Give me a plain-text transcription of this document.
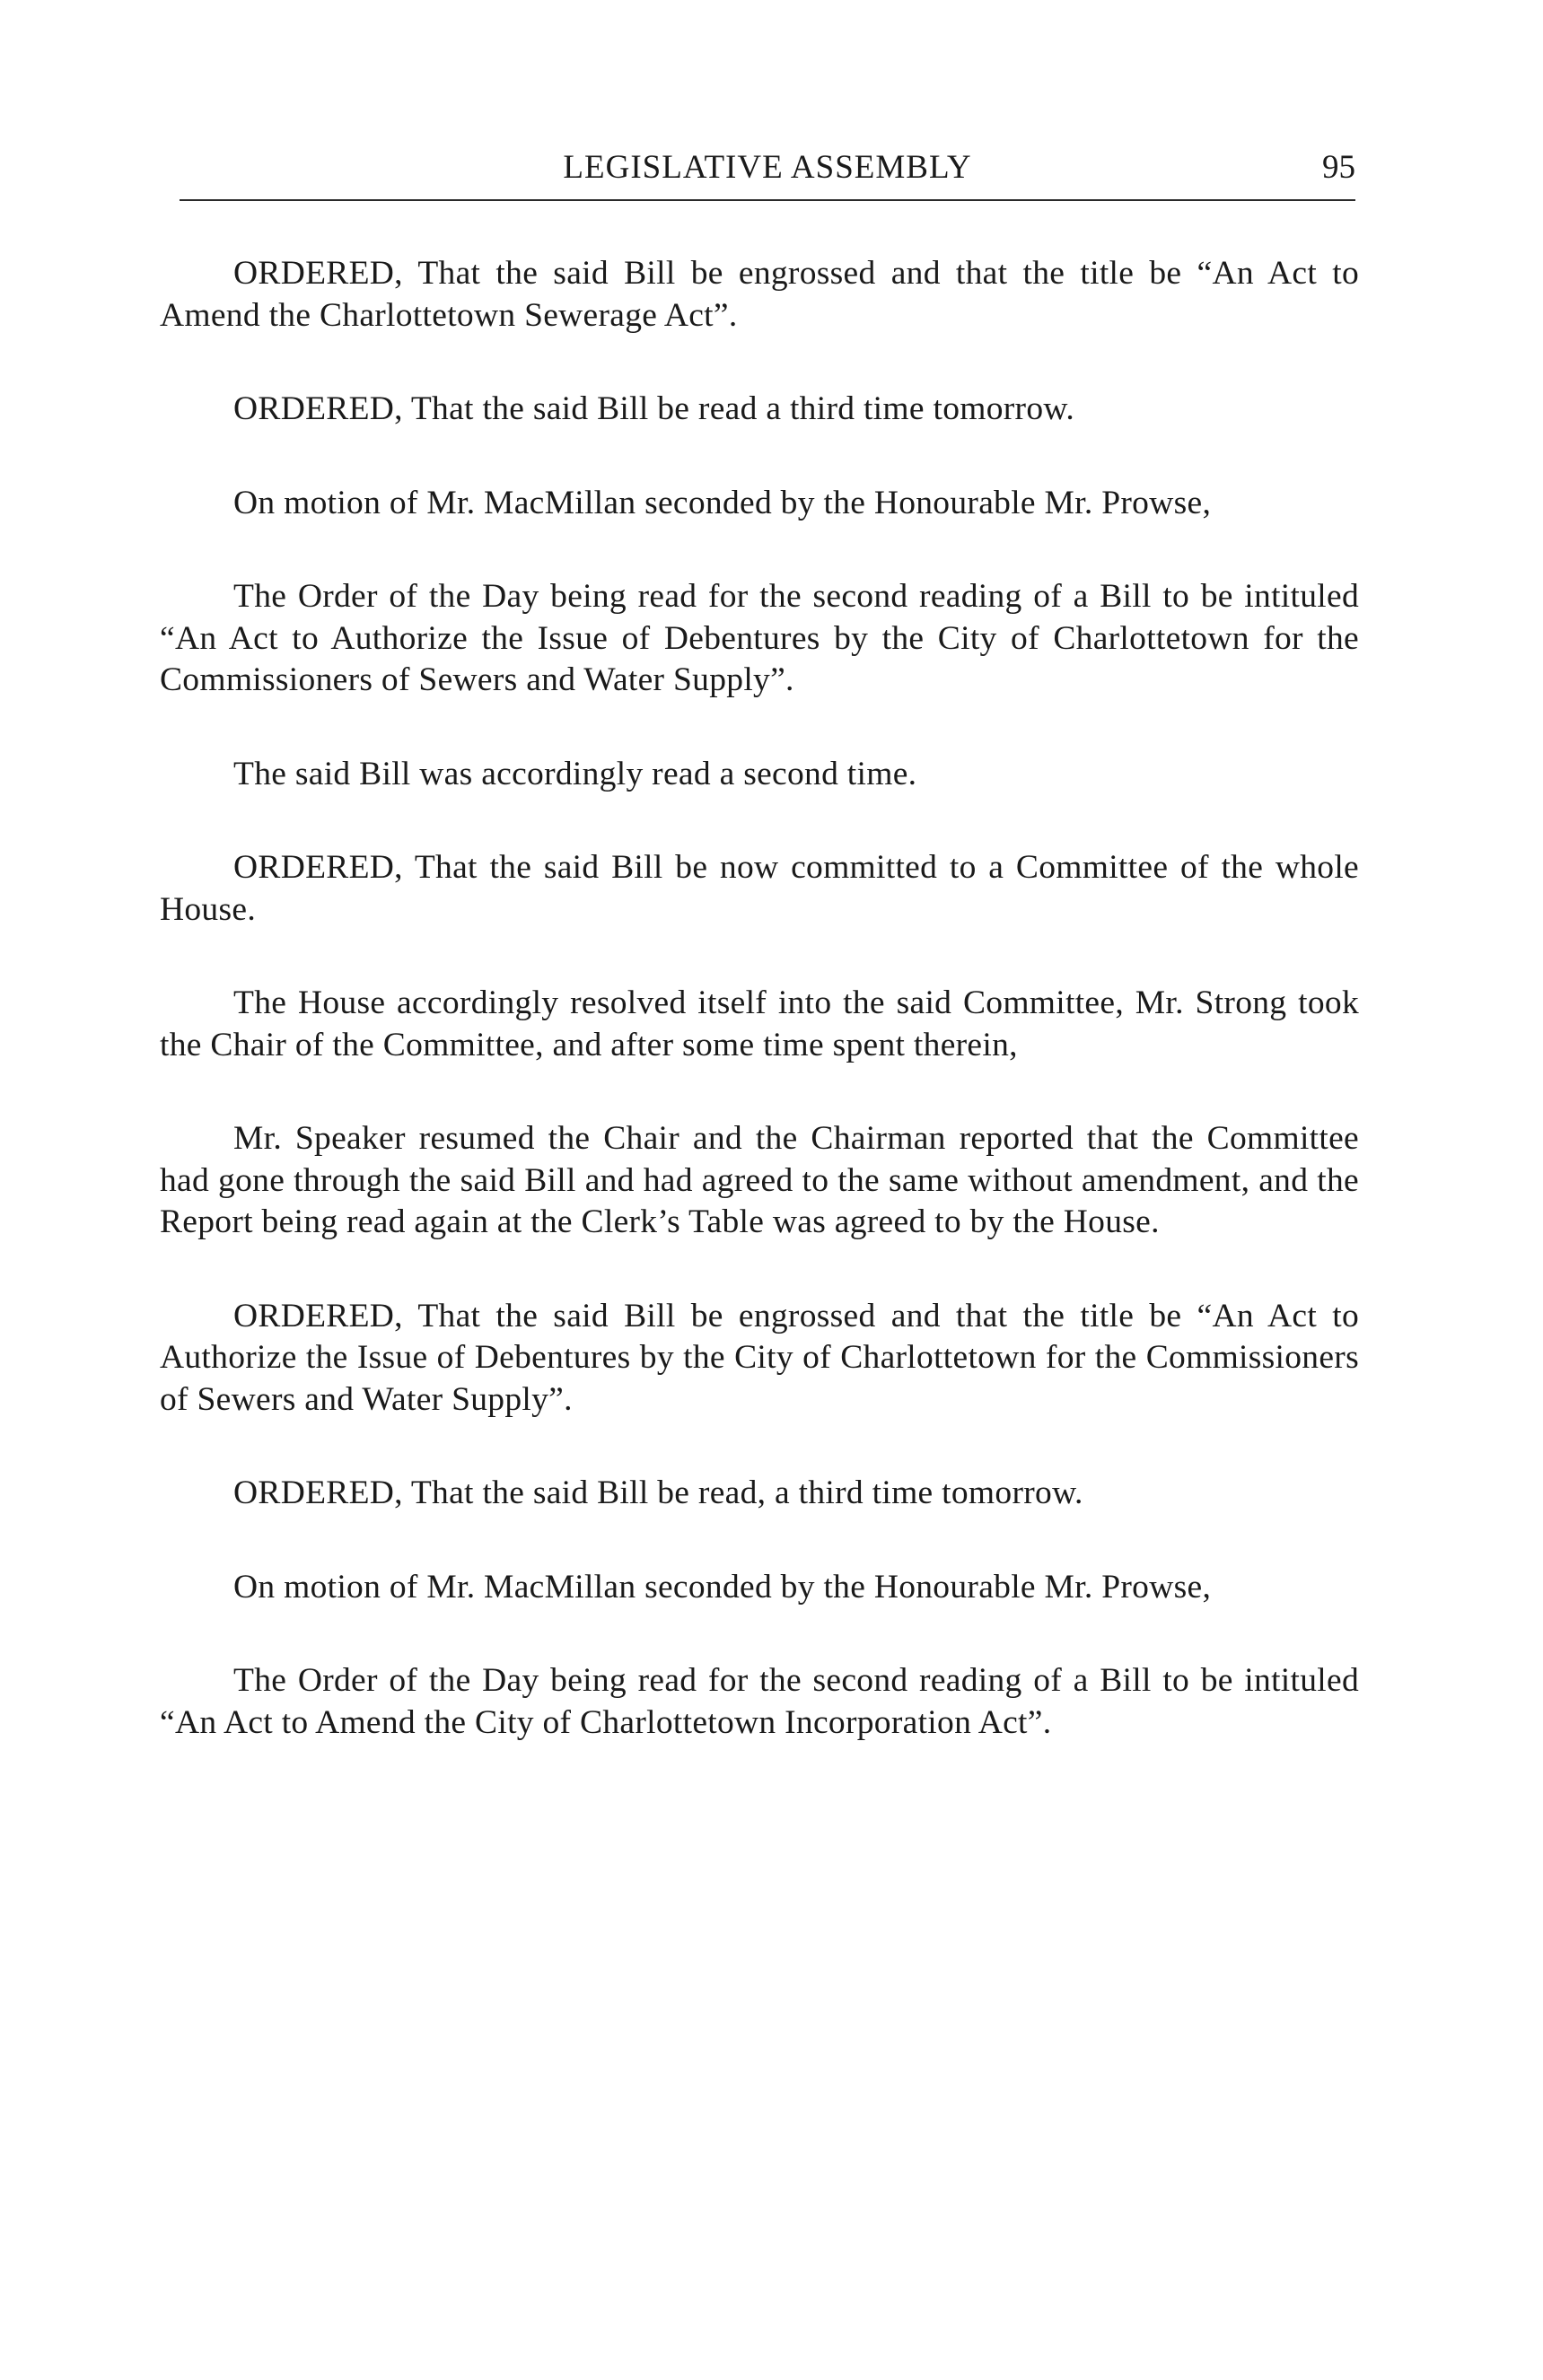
LEGISLATIVE ASSEMBLY	95

ORDERED, That the said Bill be engrossed and that the title be “An Act to Amend the Charlottetown Sewerage Act”.

ORDERED, That the said Bill be read a third time tomorrow.

On motion of Mr. MacMillan seconded by the Honourable Mr. Prowse,

The Order of the Day being read for the second reading of a Bill to be intituled “An Act to Authorize the Issue of Debentures by the City of Charlottetown for the Commissioners of Sewers and Water Supply”.

The said Bill was accordingly read a second time.

ORDERED, That the said Bill be now committed to a Committee of the whole House.

The House accordingly resolved itself into the said Committee, Mr. Strong took the Chair of the Committee, and after some time spent therein,

Mr. Speaker resumed the Chair and the Chairman reported that the Committee had gone through the said Bill and had agreed to the same without amendment, and the Report being read again at the Clerk’s Table was agreed to by the House.

ORDERED, That the said Bill be engrossed and that the title be “An Act to Authorize the Issue of Debentures by the City of Charlottetown for the Commissioners of Sewers and Water Supply”.

ORDERED, That the said Bill be read, a third time tomorrow.

On motion of Mr. MacMillan seconded by the Honourable Mr. Prowse,

The Order of the Day being read for the second reading of a Bill to be intituled “An Act to Amend the City of Charlottetown Incorporation Act”.
